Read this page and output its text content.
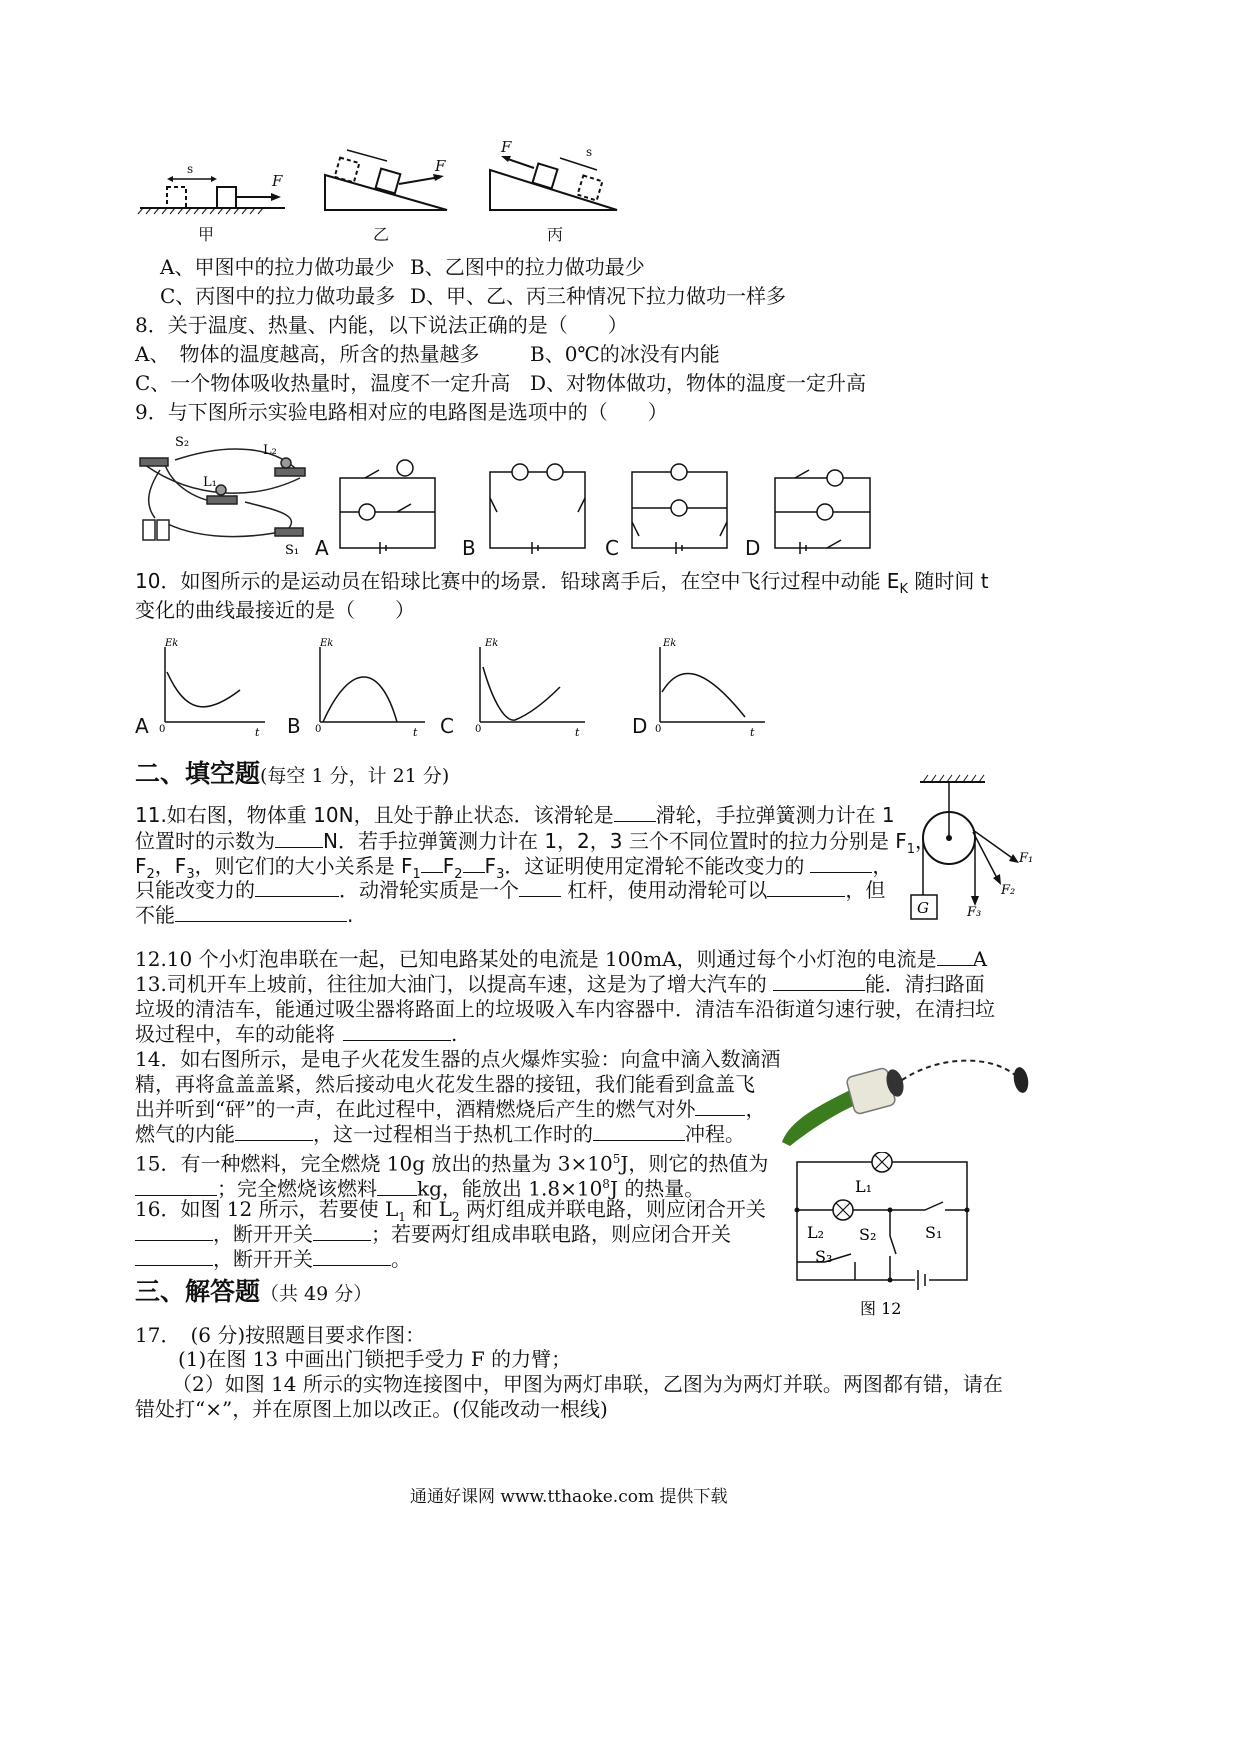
F
s	F
F	s
甲	乙	丙
A、甲图中的拉力做功最少 B、乙图中的拉力做功最少
C、丙图中的拉力做功最多 D、甲、乙、丙三种情况下拉力做功一样多
8．关于温度、热量、内能，以下说法正确的是（　　）
A、　物体的温度越高，所含的热量越多	B、0℃的冰没有内能
C、一个物体吸收热量时，温度不一定升高 D、对物体做功，物体的温度一定升高
9．与下图所示实验电路相对应的电路图是选项中的（　　）
S₂
L₂
L₁
S₁ A	B	C	D
10．如图所示的是运动员在铅球比赛中的场景．铅球离手后，在空中飞行过程中动能 $E_K$ 随时间 t
变化的曲线最接近的是（　　）
Ek	Ek	Ek	Ek
t	t	t	t
0	0	0	0
A	B	C	D
二、填空题(每空 1 分，计 21 分)
11.如右图，物体重 10N，且处于静止状态．该滑轮是 滑轮，手拉弹簧测力计在 1
位置时的示数为 N．若手拉弹簧测力计在 1，2，3 三个不同位置时的拉力分别是 $F_1$，
$F_2$，$F_3$，则它们的大小关系是 $F_1$ $F_2$ $F_3$．这证明使用定滑轮不能改变力的	，
只能改变力的	．动滑轮实质是一个 杠杆，使用动滑轮可以	，但
不能	.
F₁
F₂
F₃
G
12.10 个小灯泡串联在一起，已知电路某处的电流是 100mA，则通过每个小灯泡的电流是 A
13.司机开车上坡前，往往加大油门，以提高车速，这是为了增大汽车的	能．清扫路面
垃圾的清洁车，能通过吸尘器将路面上的垃圾吸入车内容器中．清洁车沿街道匀速行驶，在清扫垃
圾过程中，车的动能将	.
14．如右图所示，是电子火花发生器的点火爆炸实验：向盒中滴入数滴酒
精，再将盒盖盖紧，然后接动电火花发生器的接钮，我们能看到盒盖飞
出并听到“砰”的一声，在此过程中，酒精燃烧后产生的燃气对外	，
燃气的内能	，这一过程相当于热机工作时的	冲程。
15．有一种燃料，完全燃烧 10g 放出的热量为 $3\times 10^5J$，则它的热值为
；完全燃烧该燃料 kg，能放出 $1.8\times 10^8J$ 的热量。
16．如图 12 所示，若要使 $L_1$ 和 $L_2$ 两灯组成并联电路，则应闭合开关
，断开开关	；若要两灯组成串联电路，则应闭合开关
，断开开关	。
L₁
L₂ S₂	S₁
S₃
图 12
三、解答题（共 49 分）
17．　(6 分)按照题目要求作图：
(1)在图 13 中画出门锁把手受力 F 的力臂；
（2）如图 14 所示的实物连接图中，甲图为两灯串联，乙图为为两灯并联。两图都有错，请在
错处打“×”，并在原图上加以改正。(仅能改动一根线)
通通好课网 www.tthaoke.com 提供下载
